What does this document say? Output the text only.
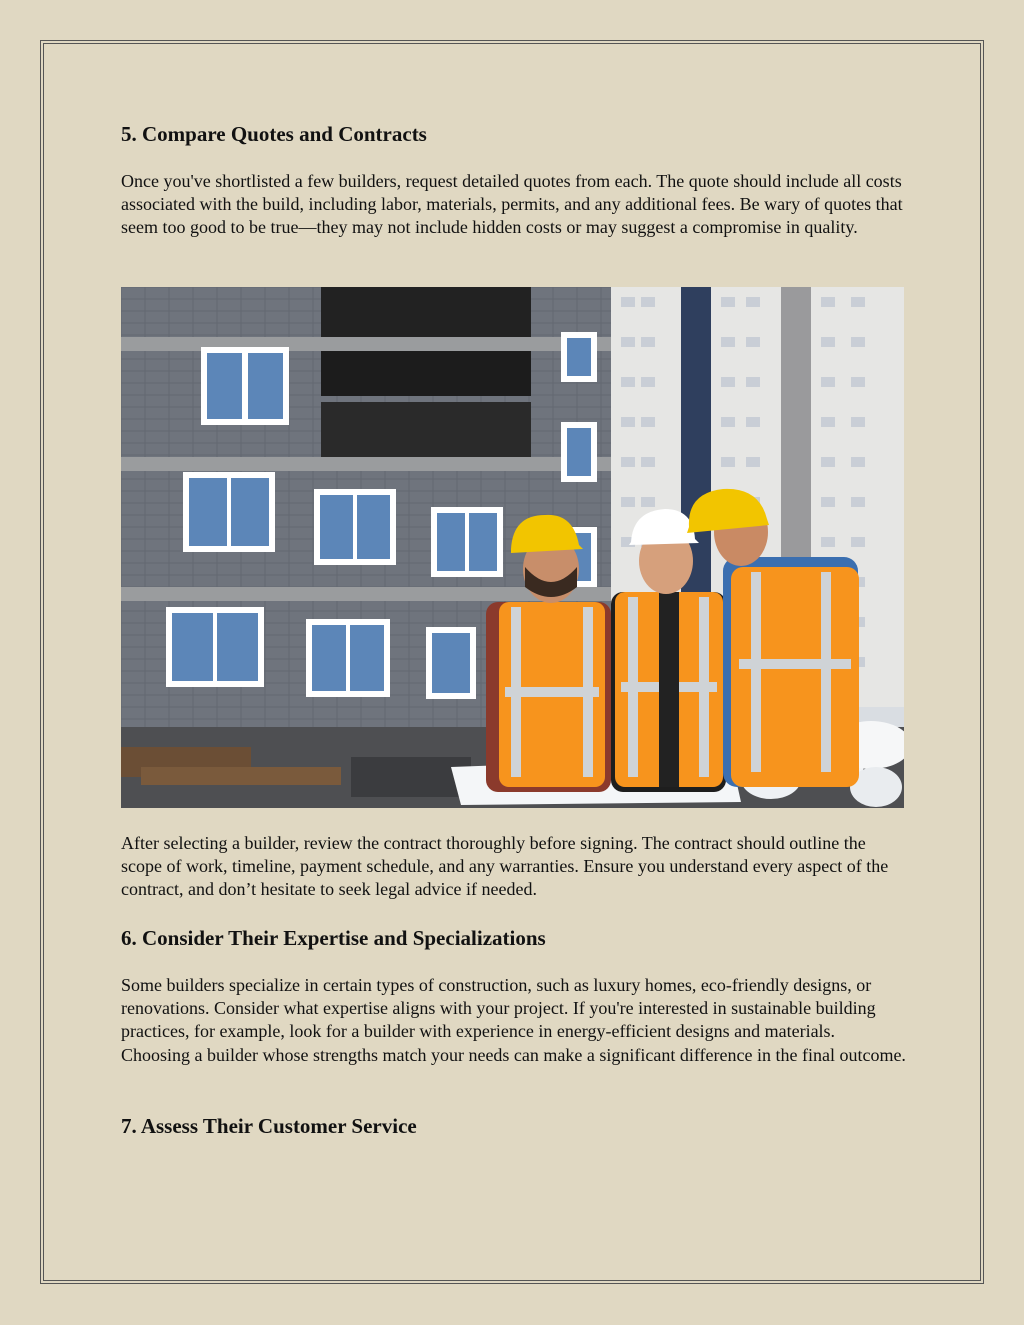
5. Compare Quotes and Contracts

Once you've shortlisted a few builders, request detailed quotes from each. The quote should include all costs associated with the build, including labor, materials, permits, and any additional fees. Be wary of quotes that seem too good to be true—they may not include hidden costs or may suggest a compromise in quality.

After selecting a builder, review the contract thoroughly before signing. The contract should outline the scope of work, timeline, payment schedule, and any warranties. Ensure you understand every aspect of the contract, and don’t hesitate to seek legal advice if needed.

6. Consider Their Expertise and Specializations

Some builders specialize in certain types of construction, such as luxury homes, eco-friendly designs, or renovations. Consider what expertise aligns with your project. If you're interested in sustainable building practices, for example, look for a builder with experience in energy-efficient designs and materials. Choosing a builder whose strengths match your needs can make a significant difference in the final outcome.

7. Assess Their Customer Service
